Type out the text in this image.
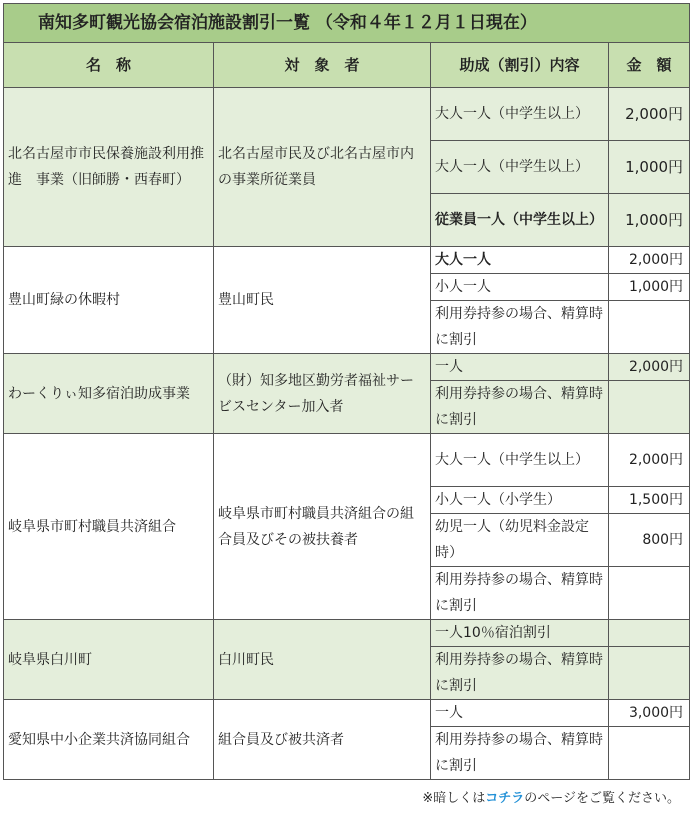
南知多町観光協会宿泊施設割引一覧 （令和４年１２月１日現在）			
名　称	対　象　者	助成（割引）内容	金　額
北名古屋市市民保養施設利用推進　事業（旧師勝・西春町）	北名古屋市民及び北名古屋市内の事業所従業員	大人一人（中学生以上）	2,000円
		大人一人（中学生以上）	1,000円
		従業員一人（中学生以上）	1,000円
豊山町緑の休暇村	豊山町民	大人一人	2,000円
		小人一人	1,000円
		利用券持参の場合、精算時に割引	
わーくりぃ知多宿泊助成事業	（財）知多地区勤労者福祉サービスセンター加入者	一人	2,000円
		利用券持参の場合、精算時に割引	
岐阜県市町村職員共済組合	岐阜県市町村職員共済組合の組合員及びその被扶養者	大人一人（中学生以上）	2,000円
		小人一人（小学生）	1,500円
		幼児一人（幼児料金設定時）	800円
		利用券持参の場合、精算時に割引	
岐阜県白川町	白川町民	一人10％宿泊割引	
		利用券持参の場合、精算時に割引	
愛知県中小企業共済協同組合	組合員及び被共済者	一人	3,000円
		利用券持参の場合、精算時に割引	
※暗しくはコチラのページをご覧ください。
